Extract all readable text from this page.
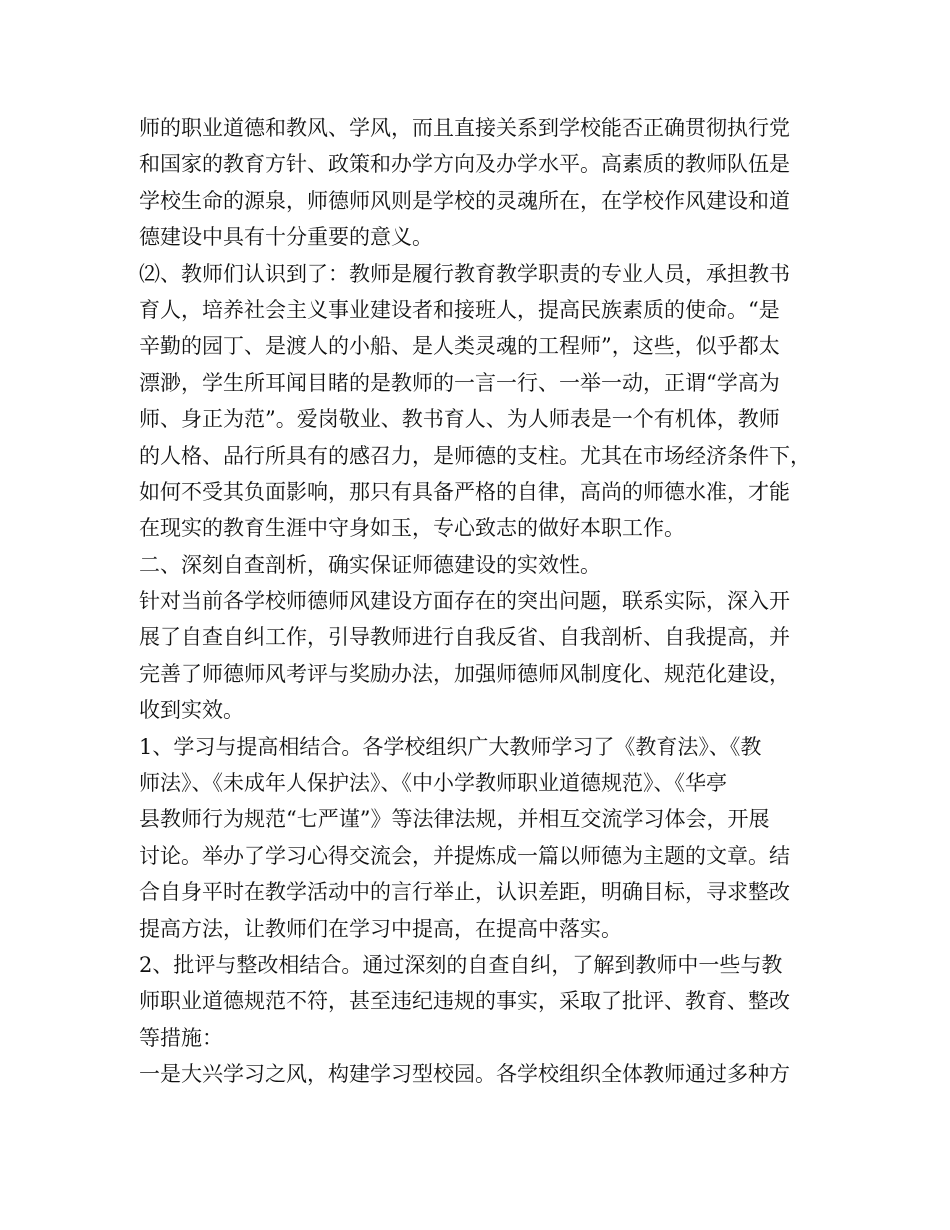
师的职业道德和教风、学风，而且直接关系到学校能否正确贯彻执行党
和国家的教育方针、政策和办学方向及办学水平。高素质的教师队伍是
学校生命的源泉，师德师风则是学校的灵魂所在，在学校作风建设和道
德建设中具有十分重要的意义。
⑵、教师们认识到了：教师是履行教育教学职责的专业人员，承担教书
育人，培养社会主义事业建设者和接班人，提高民族素质的使命。“是
辛勤的园丁、是渡人的小船、是人类灵魂的工程师”，这些，似乎都太
漂渺，学生所耳闻目睹的是教师的一言一行、一举一动，正谓“学高为
师、身正为范”。爱岗敬业、教书育人、为人师表是一个有机体，教师
的人格、品行所具有的感召力，是师德的支柱。尤其在市场经济条件下，
如何不受其负面影响，那只有具备严格的自律，高尚的师德水准，才能
在现实的教育生涯中守身如玉，专心致志的做好本职工作。
二、深刻自查剖析，确实保证师德建设的实效性。
针对当前各学校师德师风建设方面存在的突出问题，联系实际，深入开
展了自查自纠工作，引导教师进行自我反省、自我剖析、自我提高，并
完善了师德师风考评与奖励办法，加强师德师风制度化、规范化建设，
收到实效。
1、学习与提高相结合。各学校组织广大教师学习了《教育法》、《教
师法》、《未成年人保护法》、《中小学教师职业道德规范》、《华亭
县教师行为规范“七严谨”》等法律法规，并相互交流学习体会，开展
讨论。举办了学习心得交流会，并提炼成一篇以师德为主题的文章。结
合自身平时在教学活动中的言行举止，认识差距，明确目标，寻求整改
提高方法，让教师们在学习中提高，在提高中落实。
2、批评与整改相结合。通过深刻的自查自纠，了解到教师中一些与教
师职业道德规范不符，甚至违纪违规的事实，采取了批评、教育、整改
等措施：
一是大兴学习之风，构建学习型校园。各学校组织全体教师通过多种方
